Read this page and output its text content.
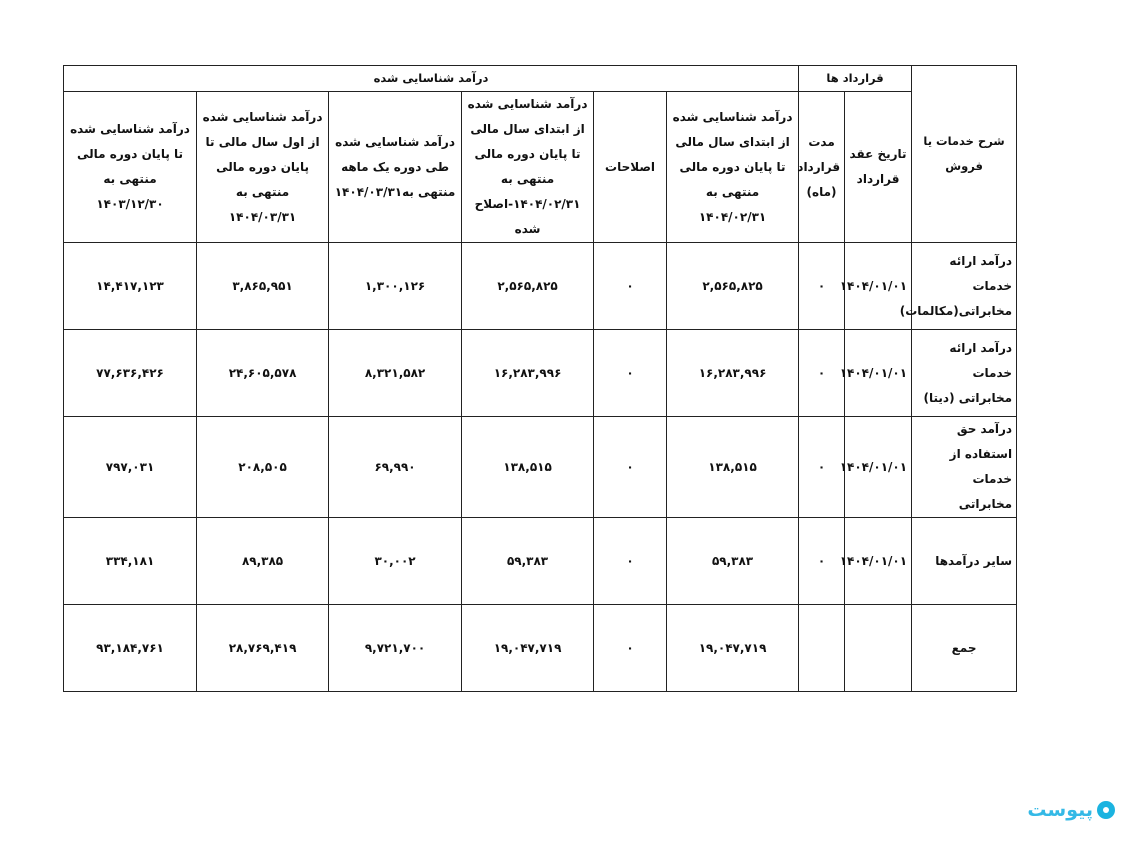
شرح خدمات یا فروش	قرارداد ها		درآمد شناسایی شده					
	تاریخ عقد قرارداد	مدت قرارداد (ماه)	درآمد شناسایی شده از ابتدای سال مالی تا پایان دوره مالی منتهی به ۱۴۰۴/۰۲/۳۱	اصلاحات	درآمد شناسایی شده از ابتدای سال مالی تا پایان دوره مالی منتهی به ۱۴۰۴/۰۲/۳۱-اصلاح شده	درآمد شناسایی شده طی دوره یک ماهه منتهی به۱۴۰۴/۰۳/۳۱	درآمد شناسایی شده از اول سال مالی تا پایان دوره مالی منتهی به ۱۴۰۴/۰۳/۳۱	درآمد شناسایی شده تا پایان دوره مالی منتهی به ۱۴۰۳/۱۲/۳۰
درآمد ارائه خدمات مخابراتی(مکالمات)	۱۴۰۴/۰۱/۰۱	۰	۲,۵۶۵,۸۲۵	۰	۲,۵۶۵,۸۲۵	۱,۳۰۰,۱۲۶	۳,۸۶۵,۹۵۱	۱۴,۴۱۷,۱۲۳
درآمد ارائه خدمات مخابراتی (دیتا)	۱۴۰۴/۰۱/۰۱	۰	۱۶,۲۸۳,۹۹۶	۰	۱۶,۲۸۳,۹۹۶	۸,۳۲۱,۵۸۲	۲۴,۶۰۵,۵۷۸	۷۷,۶۳۶,۴۲۶
درآمد حق استفاده از خدمات مخابراتی	۱۴۰۴/۰۱/۰۱	۰	۱۳۸,۵۱۵	۰	۱۳۸,۵۱۵	۶۹,۹۹۰	۲۰۸,۵۰۵	۷۹۷,۰۳۱
سایر درآمدها	۱۴۰۴/۰۱/۰۱	۰	۵۹,۳۸۳	۰	۵۹,۳۸۳	۳۰,۰۰۲	۸۹,۳۸۵	۳۳۴,۱۸۱
جمع			۱۹,۰۴۷,۷۱۹	۰	۱۹,۰۴۷,۷۱۹	۹,۷۲۱,۷۰۰	۲۸,۷۶۹,۴۱۹	۹۳,۱۸۴,۷۶۱
پیوست
